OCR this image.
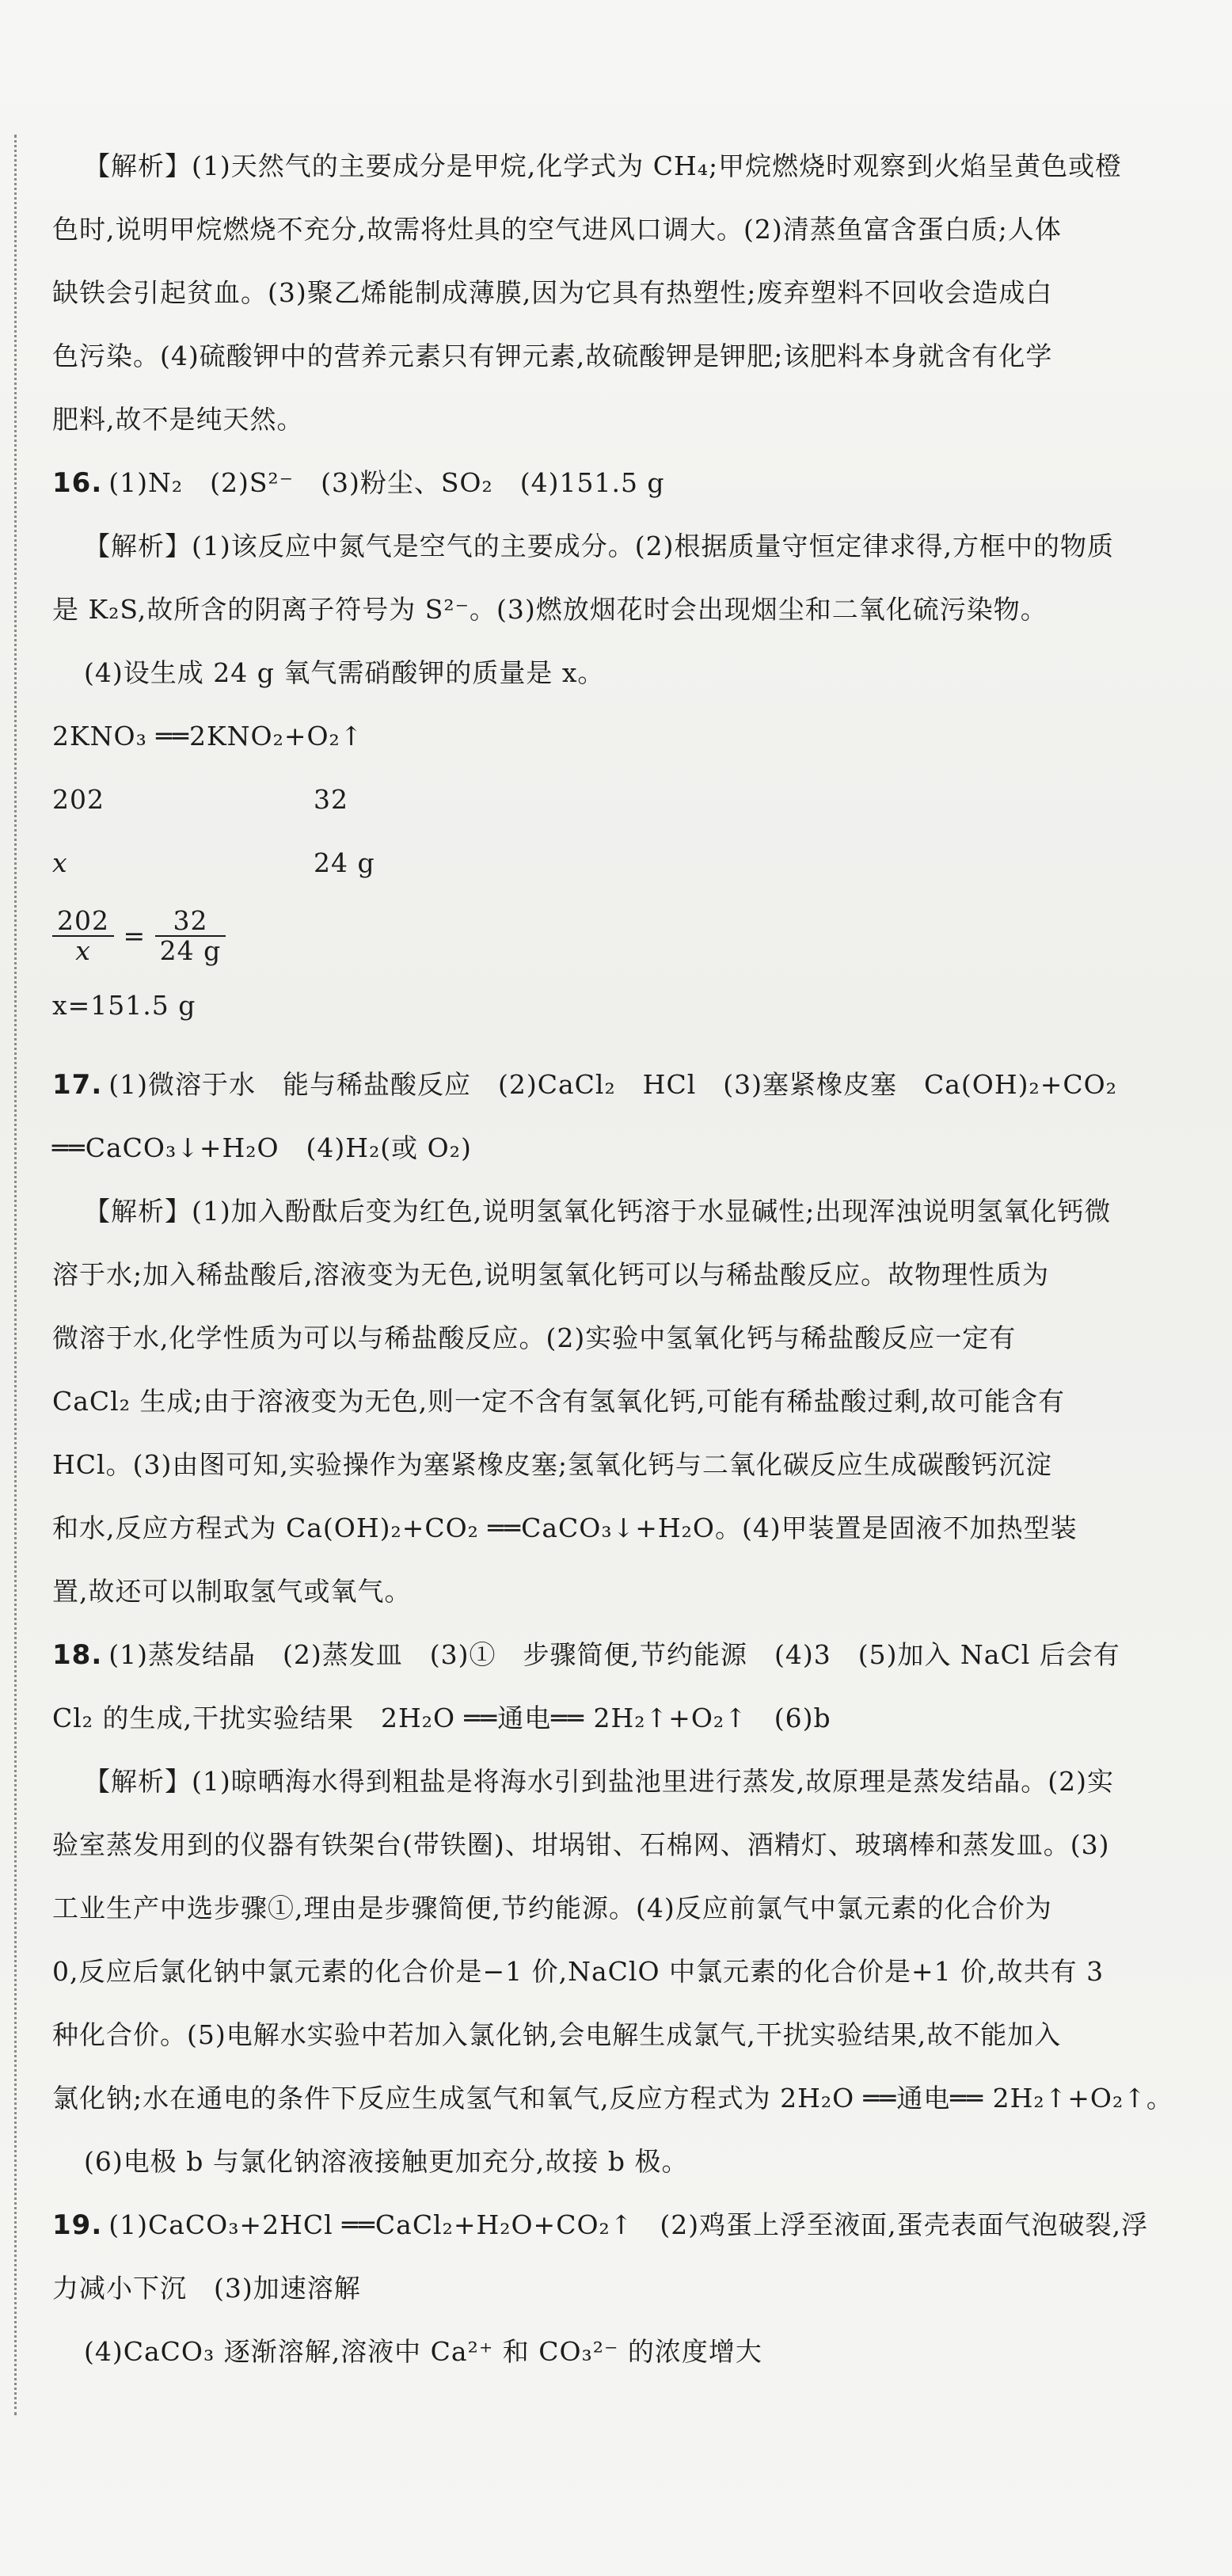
【解析】(1)天然气的主要成分是甲烷,化学式为 CH₄;甲烷燃烧时观察到火焰呈黄色或橙
色时,说明甲烷燃烧不充分,故需将灶具的空气进风口调大。(2)清蒸鱼富含蛋白质;人体
缺铁会引起贫血。(3)聚乙烯能制成薄膜,因为它具有热塑性;废弃塑料不回收会造成白
色污染。(4)硫酸钾中的营养元素只有钾元素,故硫酸钾是钾肥;该肥料本身就含有化学
肥料,故不是纯天然。
16. (1)N₂　(2)S²⁻　(3)粉尘、SO₂　(4)151.5 g
【解析】(1)该反应中氮气是空气的主要成分。(2)根据质量守恒定律求得,方框中的物质
是 K₂S,故所含的阴离子符号为 S²⁻。(3)燃放烟花时会出现烟尘和二氧化硫污染物。
(4)设生成 24 g 氧气需硝酸钾的质量是 x。
2KNO₃ ══2KNO₂+O₂↑
202	32
x	24 g
$\frac{202}{x} = \frac{32}{24 g}$
x=151.5 g
17. (1)微溶于水　能与稀盐酸反应　(2)CaCl₂　HCl　(3)塞紧橡皮塞　Ca(OH)₂+CO₂
══CaCO₃↓+H₂O　(4)H₂(或 O₂)
【解析】(1)加入酚酞后变为红色,说明氢氧化钙溶于水显碱性;出现浑浊说明氢氧化钙微
溶于水;加入稀盐酸后,溶液变为无色,说明氢氧化钙可以与稀盐酸反应。故物理性质为
微溶于水,化学性质为可以与稀盐酸反应。(2)实验中氢氧化钙与稀盐酸反应一定有
CaCl₂ 生成;由于溶液变为无色,则一定不含有氢氧化钙,可能有稀盐酸过剩,故可能含有
HCl。(3)由图可知,实验操作为塞紧橡皮塞;氢氧化钙与二氧化碳反应生成碳酸钙沉淀
和水,反应方程式为 Ca(OH)₂+CO₂ ══CaCO₃↓+H₂O。(4)甲装置是固液不加热型装
置,故还可以制取氢气或氧气。
18. (1)蒸发结晶　(2)蒸发皿　(3)①　步骤简便,节约能源　(4)3　(5)加入 NaCl 后会有
Cl₂ 的生成,干扰实验结果　2H₂O ══通电══ 2H₂↑+O₂↑　(6)b
【解析】(1)晾晒海水得到粗盐是将海水引到盐池里进行蒸发,故原理是蒸发结晶。(2)实
验室蒸发用到的仪器有铁架台(带铁圈)、坩埚钳、石棉网、酒精灯、玻璃棒和蒸发皿。(3)
工业生产中选步骤①,理由是步骤简便,节约能源。(4)反应前氯气中氯元素的化合价为
0,反应后氯化钠中氯元素的化合价是−1 价,NaClO 中氯元素的化合价是+1 价,故共有 3
种化合价。(5)电解水实验中若加入氯化钠,会电解生成氯气,干扰实验结果,故不能加入
氯化钠;水在通电的条件下反应生成氢气和氧气,反应方程式为 2H₂O ══通电══ 2H₂↑+O₂↑。
(6)电极 b 与氯化钠溶液接触更加充分,故接 b 极。
19. (1)CaCO₃+2HCl ══CaCl₂+H₂O+CO₂↑　(2)鸡蛋上浮至液面,蛋壳表面气泡破裂,浮
力减小下沉　(3)加速溶解
(4)CaCO₃ 逐渐溶解,溶液中 Ca²⁺ 和 CO₃²⁻ 的浓度增大
